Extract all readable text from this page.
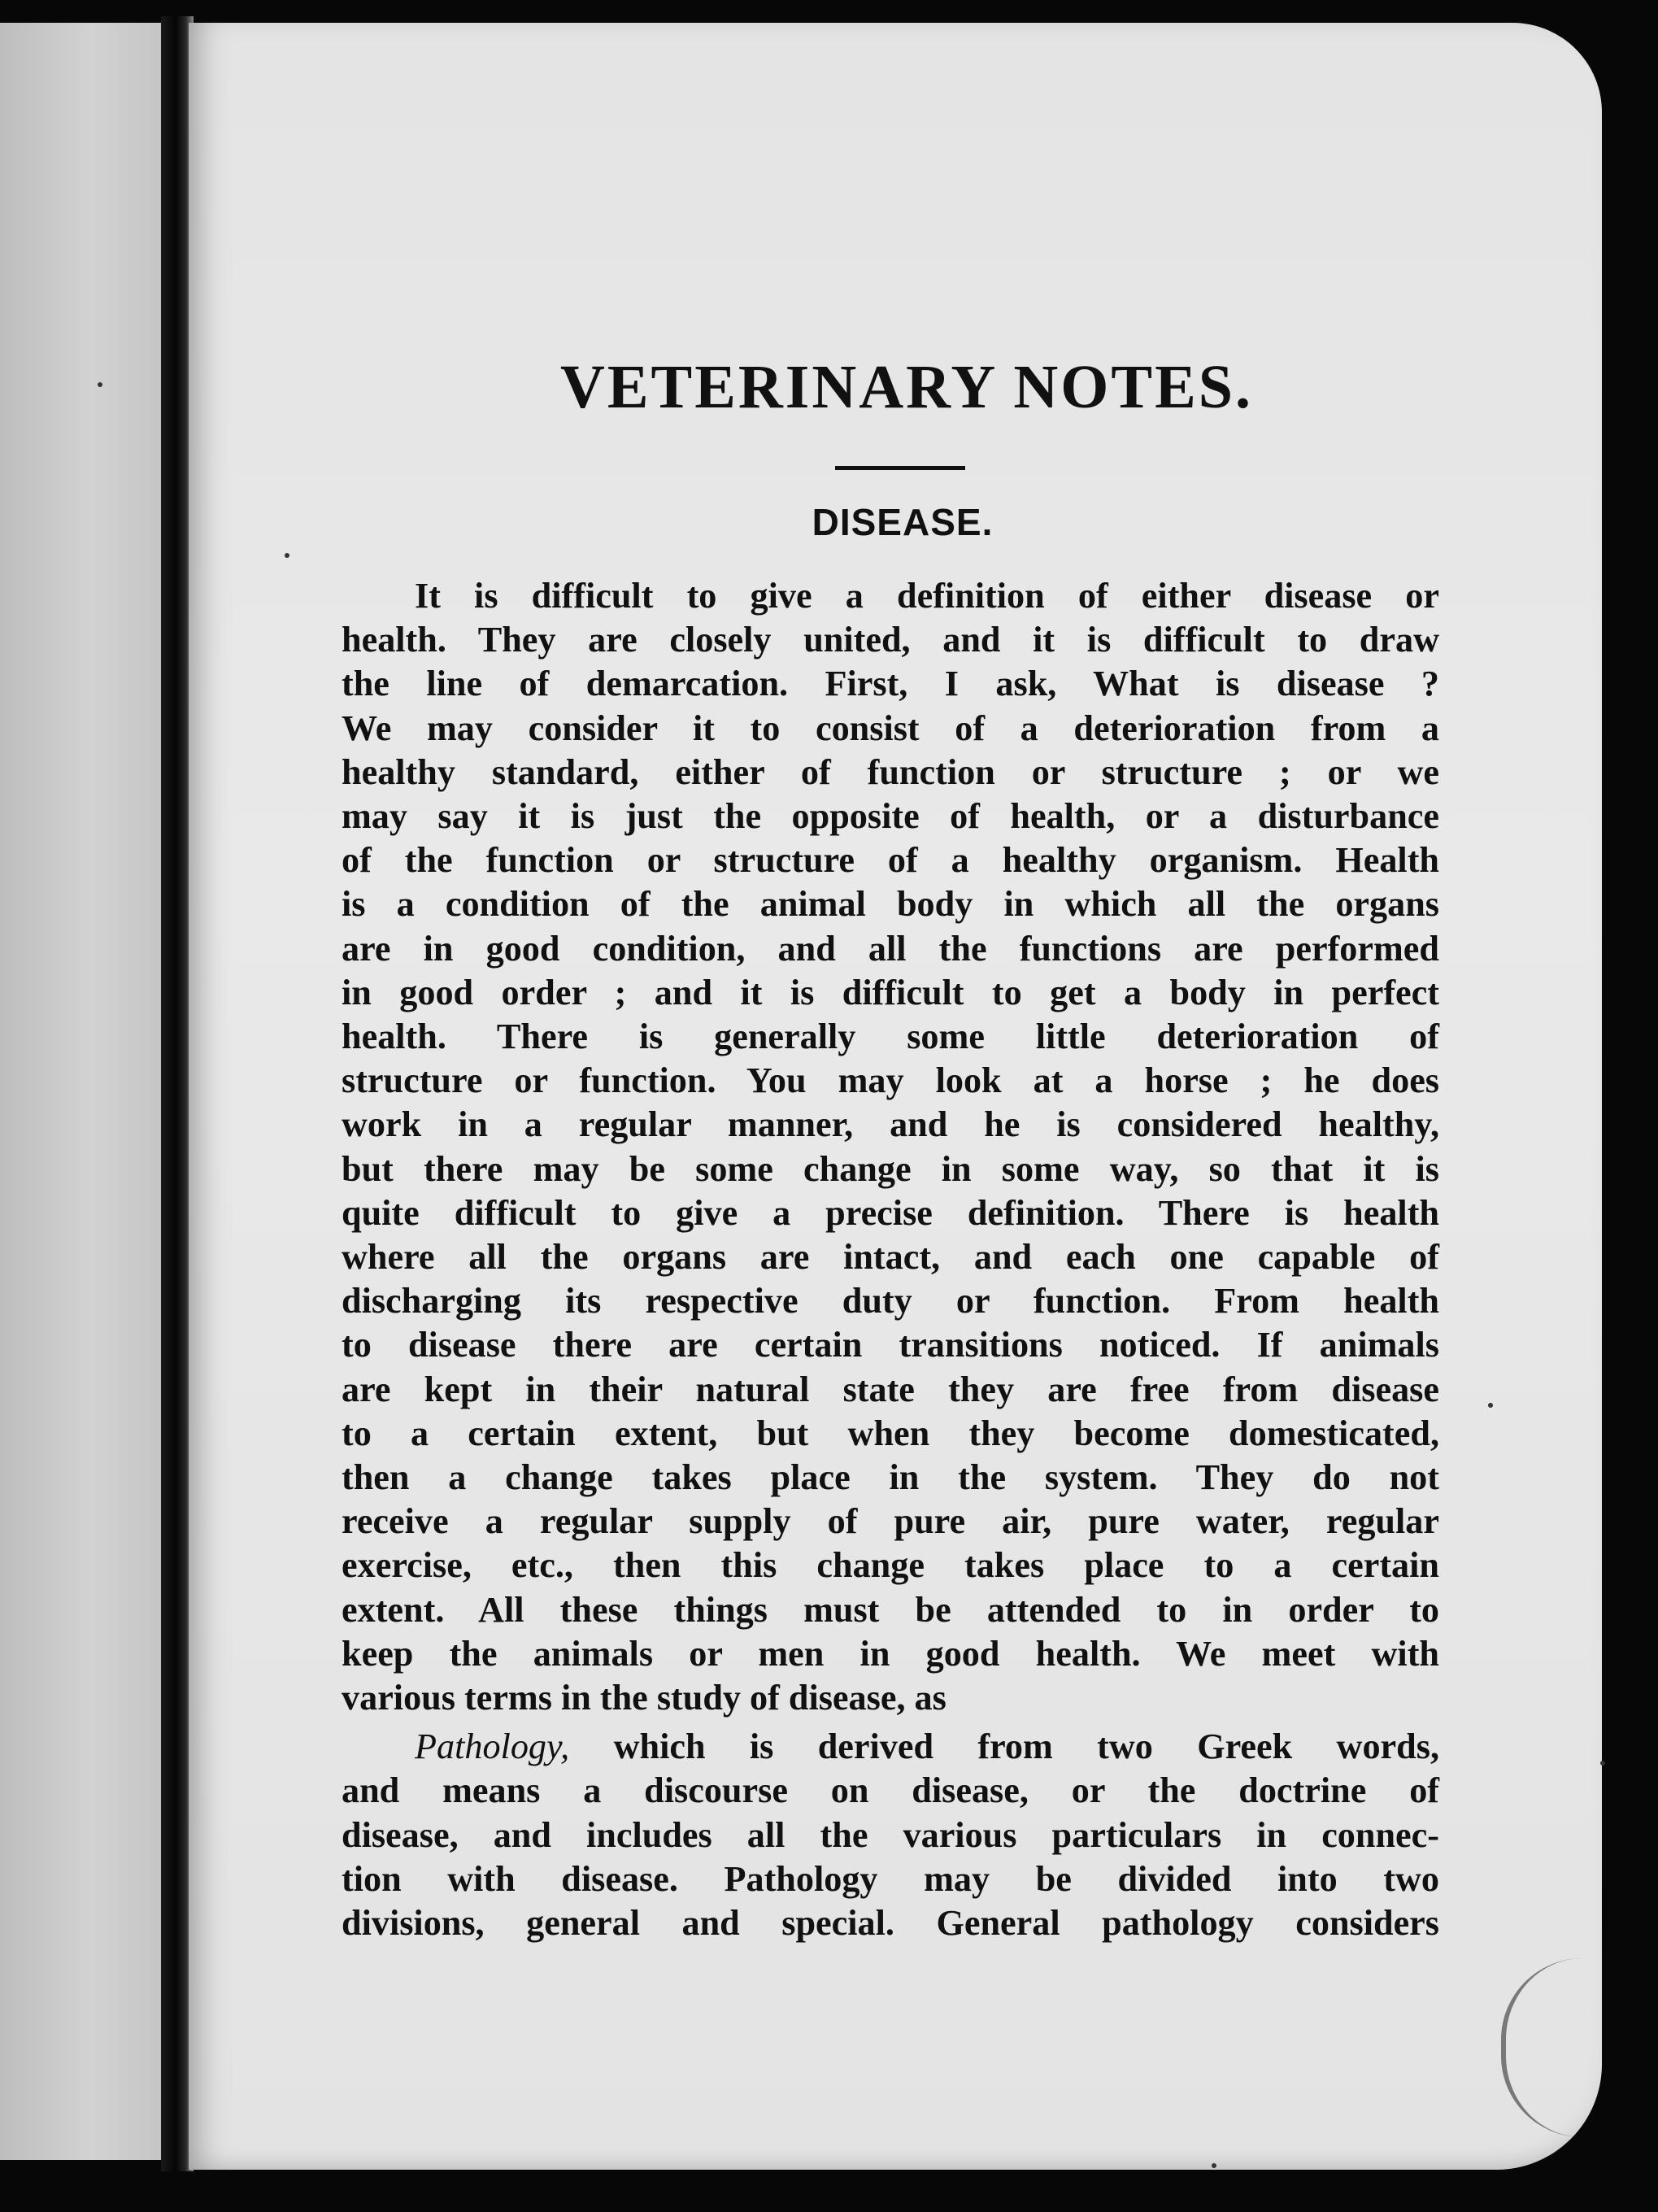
VETERINARY NOTES.
DISEASE.
It is difficult to give a definition of either disease or
health. They are closely united, and it is difficult to draw
the line of demarcation. First, I ask, What is disease ?
We may consider it to consist of a deterioration from a
healthy standard, either of function or structure ; or we
may say it is just the opposite of health, or a disturbance
of the function or structure of a healthy organism. Health
is a condition of the animal body in which all the organs
are in good condition, and all the functions are performed
in good order ; and it is difficult to get a body in perfect
health. There is generally some little deterioration of
structure or function. You may look at a horse ; he does
work in a regular manner, and he is considered healthy,
but there may be some change in some way, so that it is
quite difficult to give a precise definition. There is health
where all the organs are intact, and each one capable of
discharging its respective duty or function. From health
to disease there are certain transitions noticed. If animals
are kept in their natural state they are free from disease
to a certain extent, but when they become domesticated,
then a change takes place in the system. They do not
receive a regular supply of pure air, pure water, regular
exercise, etc., then this change takes place to a certain
extent. All these things must be attended to in order to
keep the animals or men in good health. We meet with
various terms in the study of disease, as
Pathology, which is derived from two Greek words,
and means a discourse on disease, or the doctrine of
disease, and includes all the various particulars in connec-
tion with disease. Pathology may be divided into two
divisions, general and special. General pathology considers
